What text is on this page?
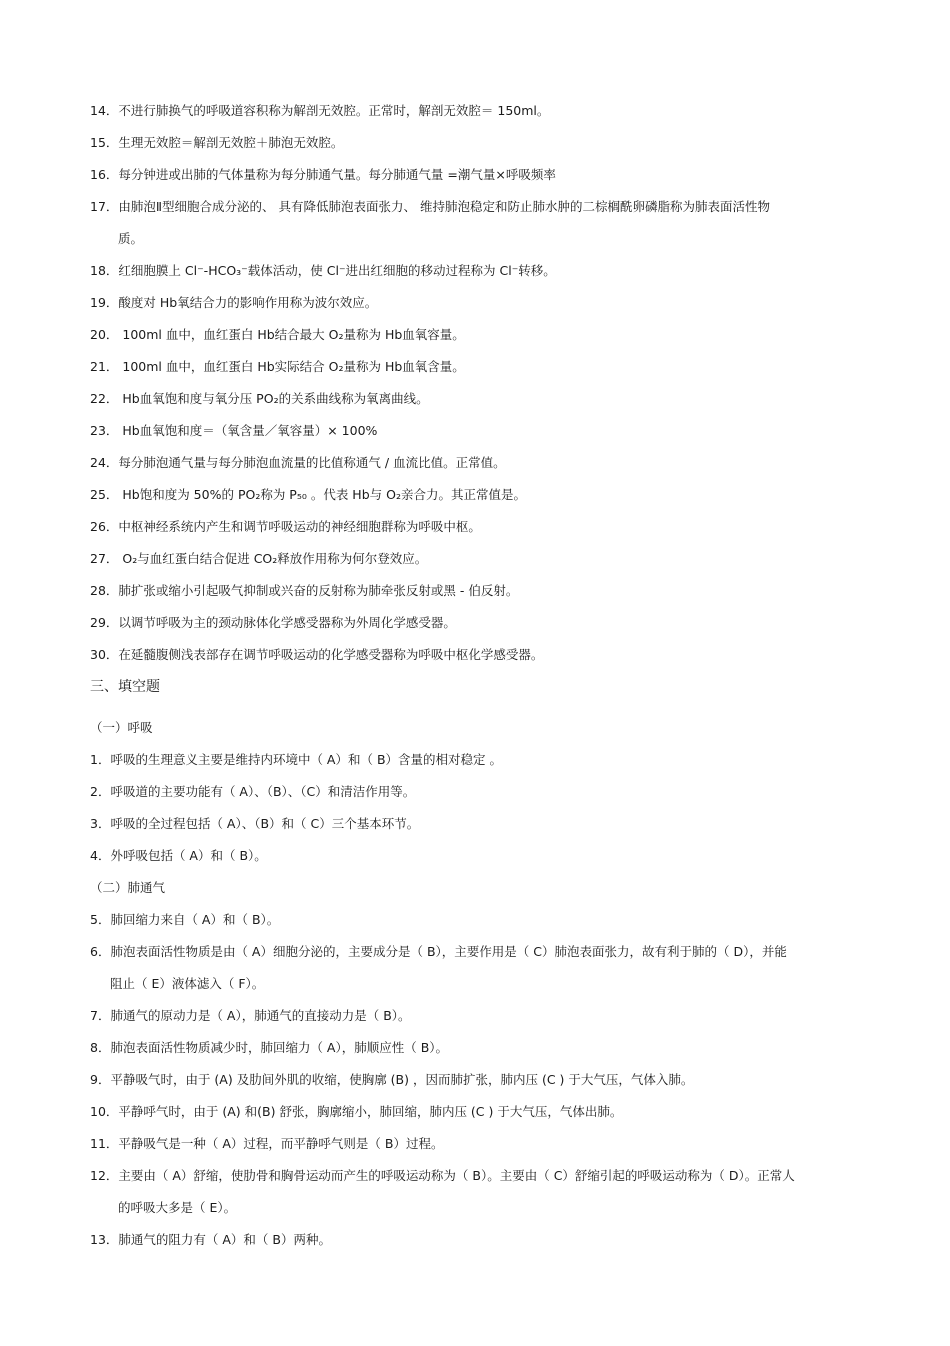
14．不进行肺换气的呼吸道容积称为解剖无效腔。正常时，解剖无效腔＝ 150ml。
15．生理无效腔＝解剖无效腔＋肺泡无效腔。
16．每分钟进或出肺的气体量称为每分肺通气量。每分肺通气量 =潮气量×呼吸频率
17．由肺泡Ⅱ型细胞合成分泌的、 具有降低肺泡表面张力、 维持肺泡稳定和防止肺水肿的二棕榈酰卵磷脂称为肺表面活性物
质。
18．红细胞膜上 Cl⁻-HCO₃⁻载体活动，使 Cl⁻进出红细胞的移动过程称为 Cl⁻转移。
19．酸度对 Hb氧结合力的影响作用称为波尔效应。
20． 100ml 血中，血红蛋白 Hb结合最大 O₂量称为 Hb血氧容量。
21． 100ml 血中，血红蛋白 Hb实际结合 O₂量称为 Hb血氧含量。
22． Hb血氧饱和度与氧分压 PO₂的关系曲线称为氧离曲线。
23． Hb血氧饱和度＝（氧含量／氧容量）× 100%
24．每分肺泡通气量与每分肺泡血流量的比值称通气 / 血流比值。正常值。
25． Hb饱和度为 50%的 PO₂称为 P₅₀ 。代表 Hb与 O₂亲合力。其正常值是。
26．中枢神经系统内产生和调节呼吸运动的神经细胞群称为呼吸中枢。
27． O₂与血红蛋白结合促进 CO₂释放作用称为何尔登效应。
28．肺扩张或缩小引起吸气抑制或兴奋的反射称为肺牵张反射或黑 - 伯反射。
29．以调节呼吸为主的颈动脉体化学感受器称为外周化学感受器。
30．在延髓腹侧浅表部存在调节呼吸运动的化学感受器称为呼吸中枢化学感受器。
三、填空题
（一）呼吸
1．呼吸的生理意义主要是维持内环境中（ A）和（ B）含量的相对稳定 。
2．呼吸道的主要功能有（ A）、（B）、（C）和清洁作用等。
3．呼吸的全过程包括（ A）、（B）和（ C）三个基本环节。
4．外呼吸包括（ A）和（ B）。
（二）肺通气
5．肺回缩力来自（ A）和（ B）。
6．肺泡表面活性物质是由（ A）细胞分泌的，主要成分是（ B），主要作用是（ C）肺泡表面张力，故有利于肺的（ D），并能
阻止（ E）液体滤入（ F）。
7．肺通气的原动力是（ A），肺通气的直接动力是（ B）。
8．肺泡表面活性物质减少时，肺回缩力（ A），肺顺应性（ B）。
9．平静吸气时，由于 (A) 及肋间外肌的收缩，使胸廓 (B) ，因而肺扩张，肺内压 (C ) 于大气压，气体入肺。
10．平静呼气时，由于 (A) 和(B) 舒张，胸廓缩小，肺回缩，肺内压 (C ) 于大气压，气体出肺。
11．平静吸气是一种（ A）过程，而平静呼气则是（ B）过程。
12．主要由（ A）舒缩，使肋骨和胸骨运动而产生的呼吸运动称为（ B）。主要由（ C）舒缩引起的呼吸运动称为（ D）。正常人
的呼吸大多是（ E）。
13．肺通气的阻力有（ A）和（ B）两种。
